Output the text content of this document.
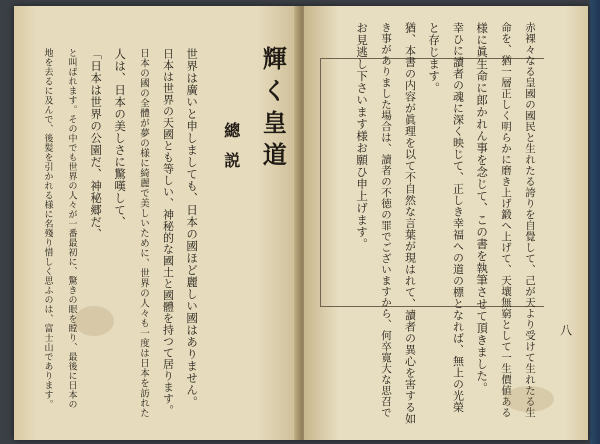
輝く皇道
總説
世界は廣いと申しましても、日本の國ほど麗しい國はありません。
日本は世界の天國とも等しい、神秘的な國土と國體を持つて居ります。
日本の國の全體が夢の様に綺麗で美しいために、世界の人々も一度は日本を訪れた
人は、日本の美しさに驚嘆して、
「日本は世界の公園だ、神秘郷だ、
と叫ばれます。その中でも世界の人々が一番最初に、驚きの眼を瞠り、最後に日本の
地を去るに及んで、後髪を引かれる様に名殘り惜しく思ふのは、富士山であります。	赤裸々なる皇國の國民と生れたる誇りを自覺して、己が天より受けて生れたる生
命を、猶一層正しく明らかに磨き上げ鍛へ上げて、天壤無窮として一生價値ある
様に眞生命に郎かれん事を念じて、この書を執筆させて頂きました。
幸ひに讀者の魂に深く映じて、正しき幸福への道の標となれば、無上の光榮
と存じます。
猶、本書の内容が眞理を以て不自然な言葉が現はれて、讀者の異心を害する如
き事がありました場合は、讀者の不徳の罪でございますから、何卒寛大な思召で
お見逃し下さいます様お願ひ申上げます。
八
